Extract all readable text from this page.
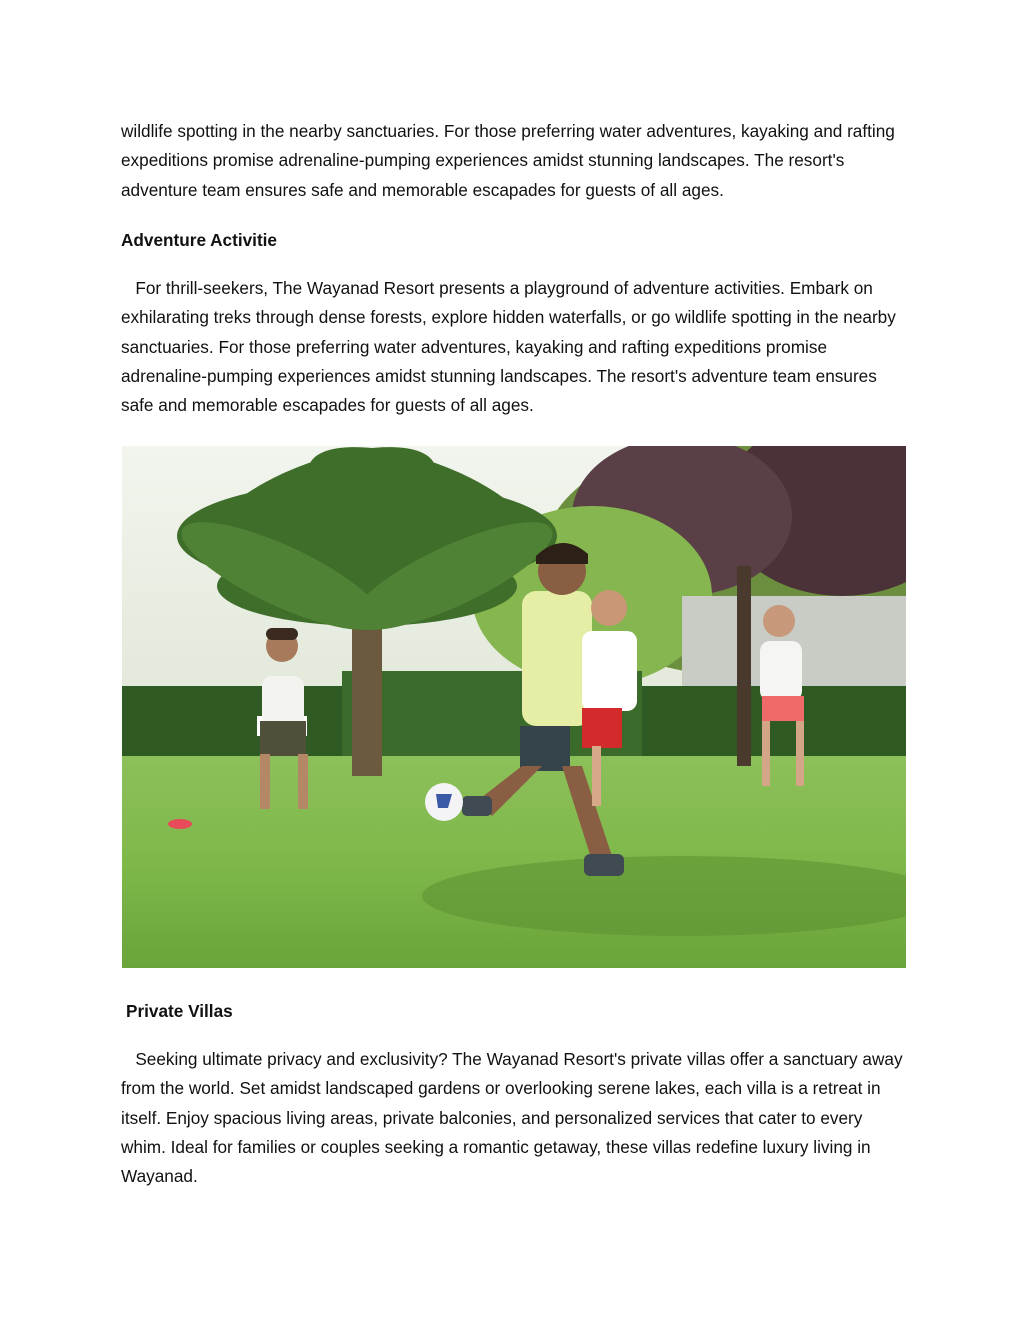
wildlife spotting in the nearby sanctuaries. For those preferring water adventures, kayaking and rafting expeditions promise adrenaline-pumping experiences amidst stunning landscapes. The resort's adventure team ensures safe and memorable escapades for guests of all ages.

Adventure Activitie

For thrill-seekers, The Wayanad Resort presents a playground of adventure activities. Embark on exhilarating treks through dense forests, explore hidden waterfalls, or go wildlife spotting in the nearby sanctuaries. For those preferring water adventures, kayaking and rafting expeditions promise adrenaline-pumping experiences amidst stunning landscapes. The resort's adventure team ensures safe and memorable escapades for guests of all ages.

Private Villas

Seeking ultimate privacy and exclusivity? The Wayanad Resort's private villas offer a sanctuary away from the world. Set amidst landscaped gardens or overlooking serene lakes, each villa is a retreat in itself. Enjoy spacious living areas, private balconies, and personalized services that cater to every whim. Ideal for families or couples seeking a romantic getaway, these villas redefine luxury living in Wayanad.
